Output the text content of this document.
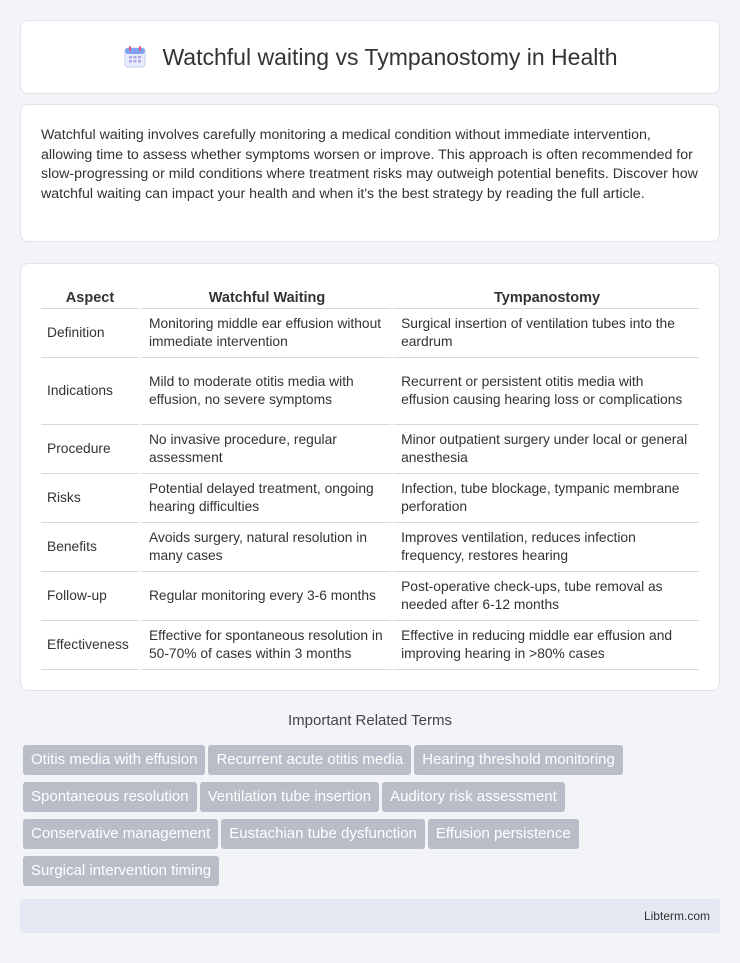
Watchful waiting vs Tympanostomy in Health

Watchful waiting involves carefully monitoring a medical condition without immediate intervention, allowing time to assess whether symptoms worsen or improve. This approach is often recommended for slow-progressing or mild conditions where treatment risks may outweigh potential benefits. Discover how watchful waiting can impact your health and when it's the best strategy by reading the full article.

Aspect	Watchful Waiting	Tympanostomy
Definition	Monitoring middle ear effusion without immediate intervention	Surgical insertion of ventilation tubes into the eardrum
Indications	Mild to moderate otitis media with effusion, no severe symptoms	Recurrent or persistent otitis media with effusion causing hearing loss or complications
Procedure	No invasive procedure, regular assessment	Minor outpatient surgery under local or general anesthesia
Risks	Potential delayed treatment, ongoing hearing difficulties	Infection, tube blockage, tympanic membrane perforation
Benefits	Avoids surgery, natural resolution in many cases	Improves ventilation, reduces infection frequency, restores hearing
Follow-up	Regular monitoring every 3-6 months	Post-operative check-ups, tube removal as needed after 6-12 months
Effectiveness	Effective for spontaneous resolution in 50-70% of cases within 3 months	Effective in reducing middle ear effusion and improving hearing in >80% cases
Important Related Terms
Otitis media with effusion Recurrent acute otitis media Hearing threshold monitoring
Spontaneous resolution Ventilation tube insertion Auditory risk assessment
Conservative management Eustachian tube dysfunction Effusion persistence
Surgical intervention timing
Libterm.com
